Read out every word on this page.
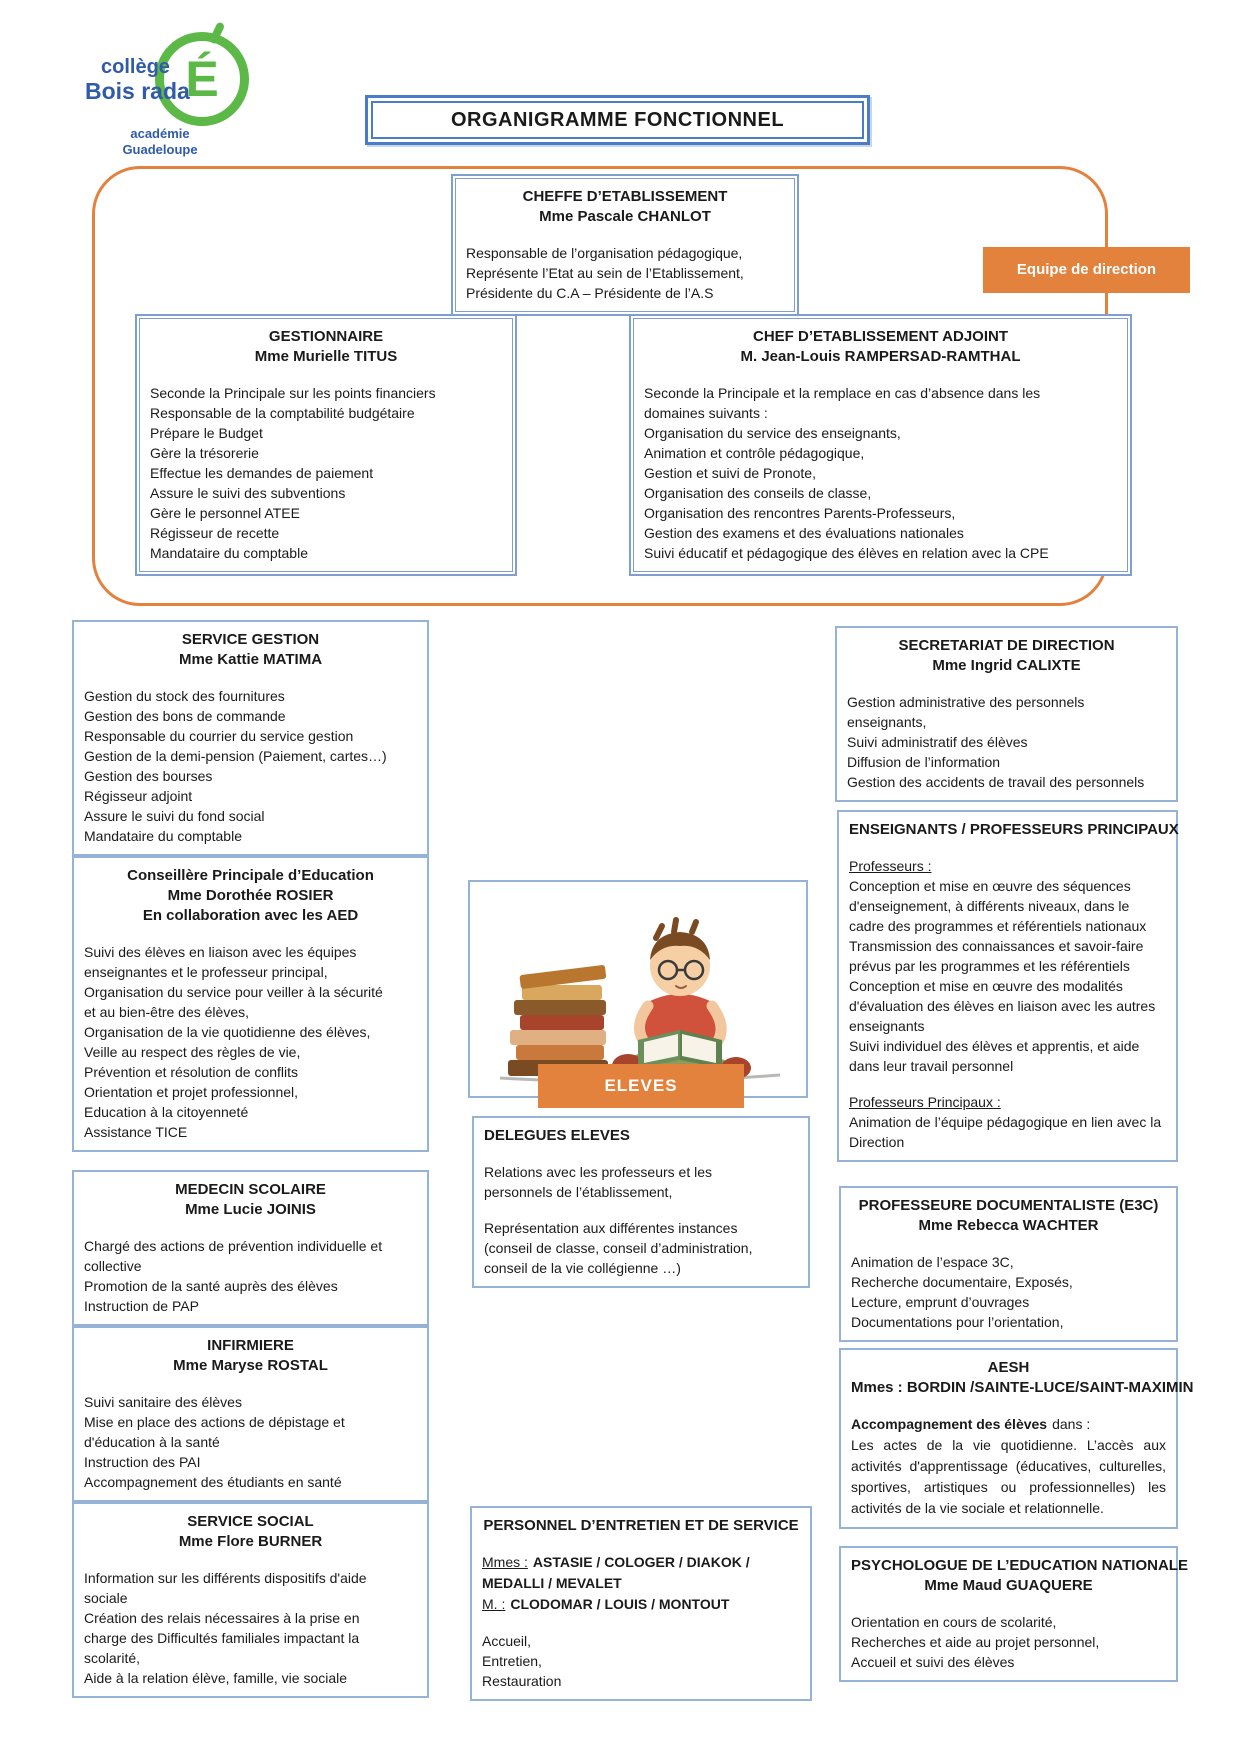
É
collège
Bois rada
académie
Guadeloupe
ORGANIGRAMME FONCTIONNEL
CHEFFE D’ETABLISSEMENT
Mme Pascale CHANLOT
Responsable de l’organisation pédagogique,
Représente l’Etat au sein de l’Etablissement,
Présidente du C.A – Présidente de l’A.S
Equipe de direction
GESTIONNAIRE
Mme Murielle TITUS
Seconde la Principale sur les points financiers
Responsable de la comptabilité budgétaire
Prépare le Budget
Gère la trésorerie
Effectue les demandes de paiement
Assure le suivi des subventions
Gère le personnel ATEE
Régisseur de recette
Mandataire du comptable
CHEF D’ETABLISSEMENT ADJOINT
M. Jean-Louis RAMPERSAD-RAMTHAL
Seconde la Principale et la remplace en cas d’absence dans les
domaines suivants :
Organisation du service des enseignants,
Animation et contrôle pédagogique,
Gestion et suivi de Pronote,
Organisation des conseils de classe,
Organisation des rencontres Parents-Professeurs,
Gestion des examens et des évaluations nationales
Suivi éducatif et pédagogique des élèves en relation avec la CPE
SERVICE GESTION
Mme Kattie MATIMA
Gestion du stock des fournitures
Gestion des bons de commande
Responsable du courrier du service gestion
Gestion de la demi-pension (Paiement, cartes…)
Gestion des bourses
Régisseur adjoint
Assure le suivi du fond social
Mandataire du comptable
SECRETARIAT DE DIRECTION
Mme Ingrid CALIXTE
Gestion administrative des personnels
enseignants,
Suivi administratif des élèves
Diffusion de l’information
Gestion des accidents de travail des personnels
Conseillère Principale d’Education
Mme Dorothée ROSIER
En collaboration avec les AED
Suivi des élèves en liaison avec les équipes
enseignantes et le professeur principal,
Organisation du service pour veiller à la sécurité
et au bien-être des élèves,
Organisation de la vie quotidienne des élèves,
Veille au respect des règles de vie,
Prévention et résolution de conflits
Orientation et projet professionnel,
Education à la citoyenneté
Assistance TICE
ENSEIGNANTS / PROFESSEURS PRINCIPAUX
Professeurs :
Conception et mise en œuvre des séquences
d'enseignement, à différents niveaux, dans le
cadre des programmes et référentiels nationaux
Transmission des connaissances et savoir-faire
prévus par les programmes et les référentiels
Conception et mise en œuvre des modalités
d'évaluation des élèves en liaison avec les autres
enseignants
Suivi individuel des élèves et apprentis, et aide
dans leur travail personnel
Professeurs Principaux :
Animation de l’équipe pédagogique en lien avec la
Direction
ELEVES
DELEGUES ELEVES
Relations avec les professeurs et les
personnels de l’établissement,
Représentation aux différentes instances
(conseil de classe, conseil d’administration,
conseil de la vie collégienne …)
MEDECIN SCOLAIRE
Mme Lucie JOINIS
Chargé des actions de prévention individuelle et
collective
Promotion de la santé auprès des élèves
Instruction de PAP
PROFESSEURE DOCUMENTALISTE (E3C)
Mme Rebecca WACHTER
Animation de l’espace 3C,
Recherche documentaire, Exposés,
Lecture, emprunt d’ouvrages
Documentations pour l’orientation,
INFIRMIERE
Mme Maryse ROSTAL
Suivi sanitaire des élèves
Mise en place des actions de dépistage et
d'éducation à la santé
Instruction des PAI
Accompagnement des étudiants en santé
AESH
Mmes : BORDIN /SAINTE-LUCE/SAINT-MAXIMIN
Accompagnement des élèves dans :
Les actes de la vie quotidienne. L’accès aux activités d'apprentissage (éducatives, culturelles, sportives, artistiques ou professionnelles) les activités de la vie sociale et relationnelle.
SERVICE SOCIAL
Mme Flore BURNER
Information sur les différents dispositifs d'aide
sociale
Création des relais nécessaires à la prise en
charge des Difficultés familiales impactant la
scolarité,
Aide à la relation élève, famille, vie sociale
PERSONNEL D’ENTRETIEN ET DE SERVICE
Mmes : ASTASIE / COLOGER / DIAKOK / MEDALLI / MEVALET
M. : CLODOMAR / LOUIS / MONTOUT
Accueil,
Entretien,
Restauration
PSYCHOLOGUE DE L’EDUCATION NATIONALE
Mme Maud GUAQUERE
Orientation en cours de scolarité,
Recherches et aide au projet personnel,
Accueil et suivi des élèves
